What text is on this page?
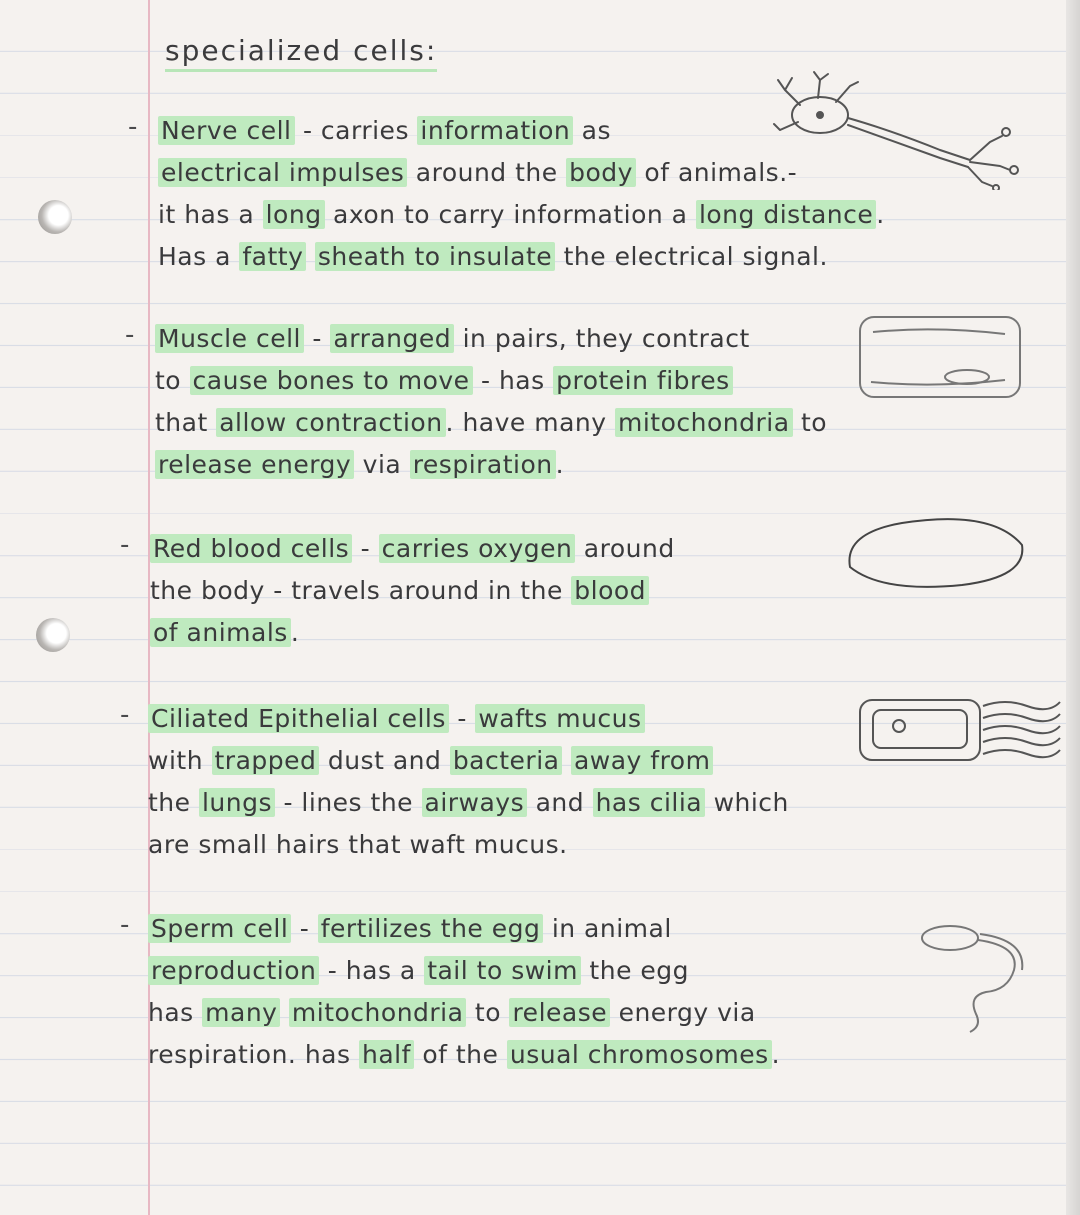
specialized cells:
- Nerve cell - carries information as
electrical impulses around the body of animals.-
it has a long axon to carry information a long distance .
Has a fatty sheath to insulate the electrical signal.
- Muscle cell - arranged in pairs, they contract
to cause bones to move - has protein fibres
that allow contraction . have many mitochondria to
release energy via respiration .
- Red blood cells - carries oxygen around
the body - travels around in the blood
of animals .
- Ciliated Epithelial cells - wafts mucus
with trapped dust and bacteria away from
the lungs - lines the airways and has cilia which
are small hairs that waft mucus.
- Sperm cell - fertilizes the egg in animal
reproduction - has a tail to swim the egg
has many mitochondria to release energy via
respiration. has half of the usual chromosomes .
